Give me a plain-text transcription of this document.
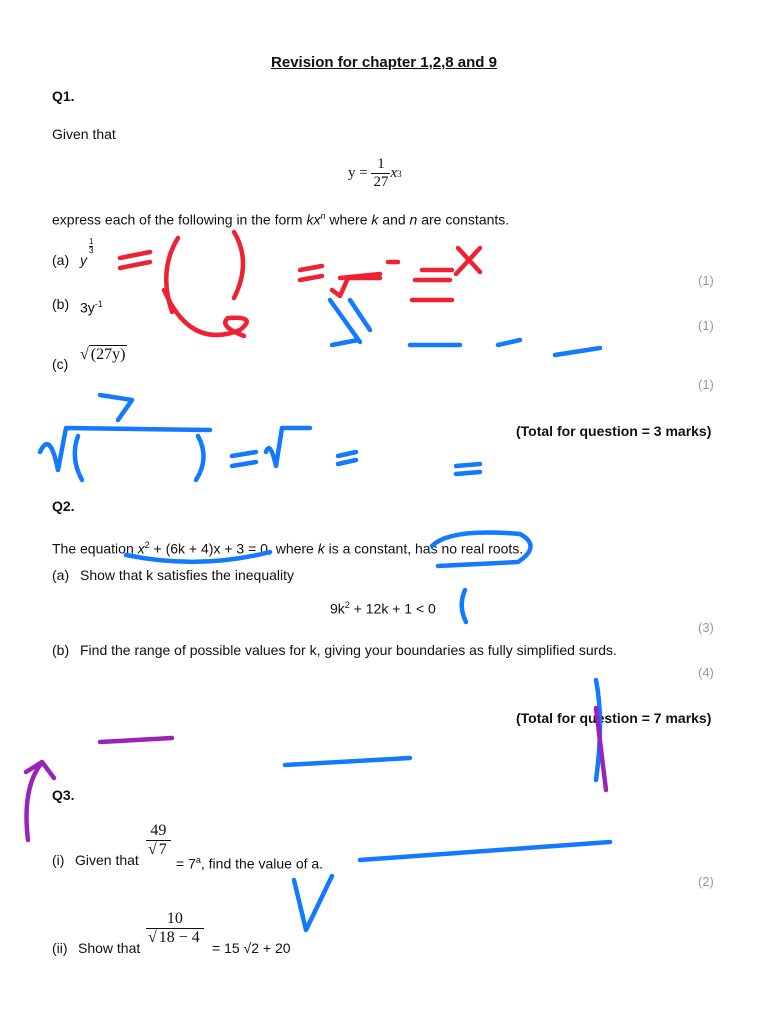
Revision for chapter 1,2,8 and 9
Q1.
Given that
y =
$\frac{1}{27}$ x 3
express each of the following in the form $kx^n$ where k and n are constants.
(a) y
$\frac{1}{3}$
(1)
(b) $3y^{-1}$
(1)
(c)
√ (27y)
(1)
(Total for question = 3 marks)
Q2.
The equation $x^2 + (6k + 4)x + 3 = 0$, where k is a constant, has no real roots.
(a) Show that k satisfies the inequality
$9k^2 + 12k + 1 < 0$
(3)
(b) Find the range of possible values for k, giving your boundaries as fully simplified surds.
(4)
(Total for question = 7 marks)
Q3.
(i) Given that
49
√ 7
= $7^a$, find the value of a.
(2)
(ii) Show that
10
√ 18 − 4
= 15 √2 + 20
